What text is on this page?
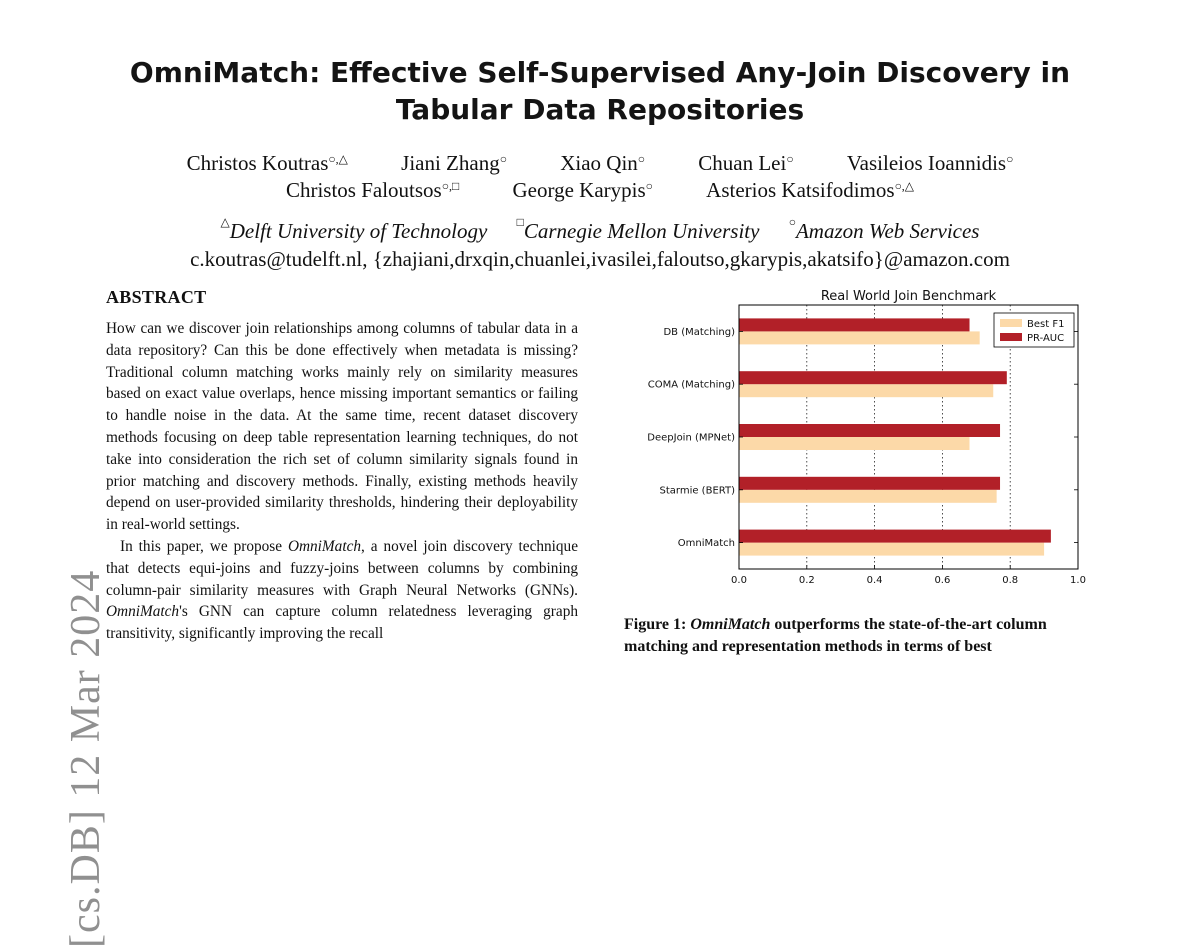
OmniMatch: Effective Self-Supervised Any-Join Discovery in
Tabular Data Repositories
Christos Koutras○,△	Jiani Zhang○	Xiao Qin○	Chuan Lei○	Vasileios Ioannidis○
Christos Faloutsos○,□	George Karypis○	Asterios Katsifodimos○,△
△Delft University of Technology □Carnegie Mellon University ○Amazon Web Services
c.koutras@tudelft.nl, {zhajiani,drxqin,chuanlei,ivasilei,faloutso,gkarypis,akatsifo}@amazon.com
[cs.DB] 12 Mar 2024
ABSTRACT

How can we discover join relationships among columns of tabular data in a data repository? Can this be done effectively when metadata is missing? Traditional column matching works mainly rely on similarity measures based on exact value overlaps, hence missing important semantics or failing to handle noise in the data. At the same time, recent dataset discovery methods focusing on deep table representation learning techniques, do not take into consideration the rich set of column similarity signals found in prior matching and discovery methods. Finally, existing methods heavily depend on user-provided similarity thresholds, hindering their deployability in real-world settings.

In this paper, we propose OmniMatch, a novel join discovery technique that detects equi-joins and fuzzy-joins between columns by combining column-pair similarity measures with Graph Neural Networks (GNNs). OmniMatch's GNN can capture column relatedness leveraging graph transitivity, significantly improving the recall

Real World Join Benchmark
0.0	0.2	0.4	0.6	0.8	1.0
DB (Matching)
COMA (Matching)
DeepJoin (MPNet)
Starmie (BERT)
OmniMatch
Best F1
PR-AUC
Figure 1: OmniMatch outperforms the state-of-the-art column matching and representation methods in terms of best
